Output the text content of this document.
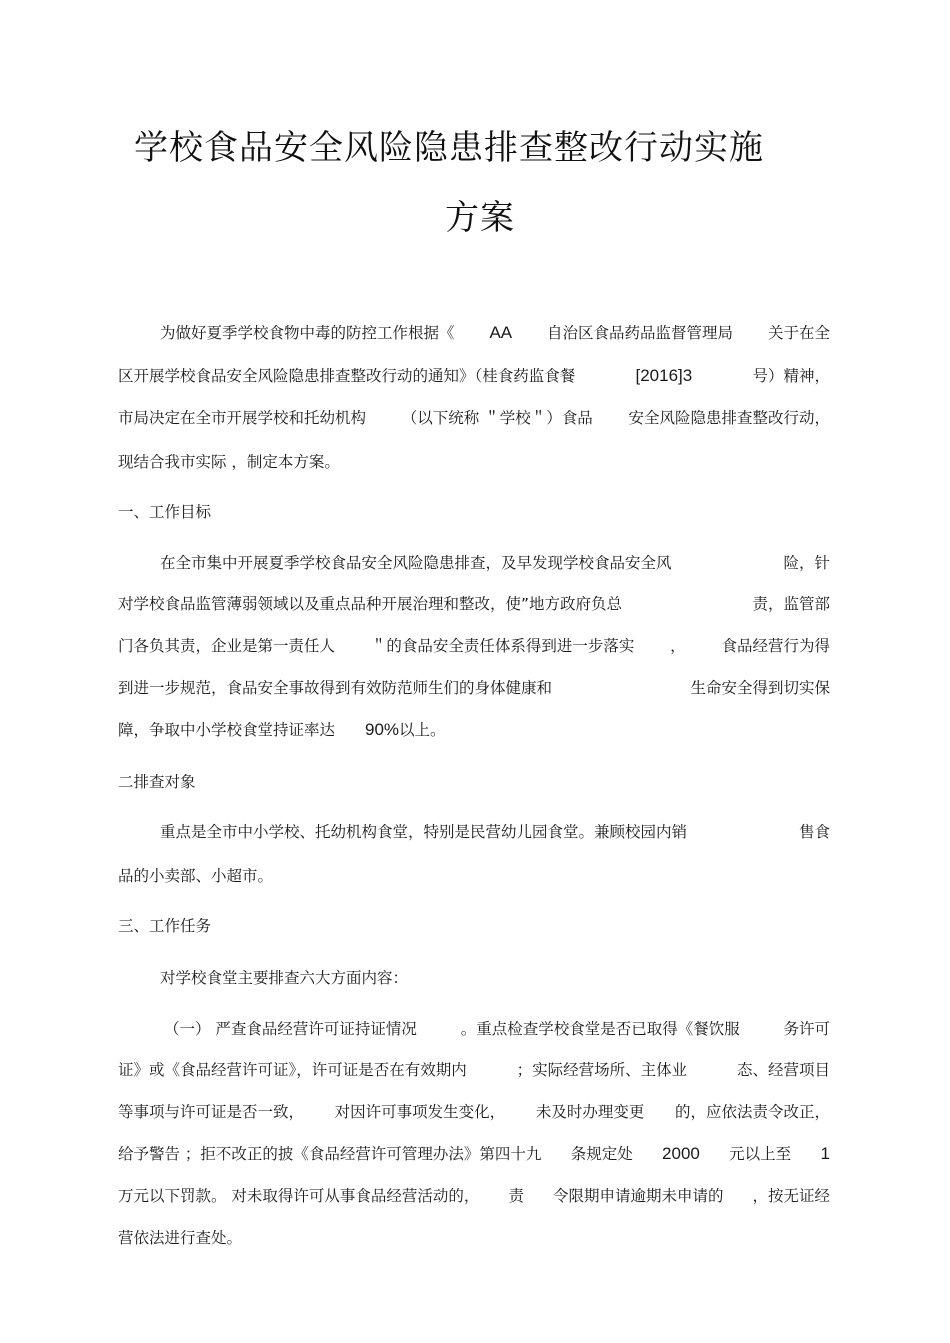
学校食品安全风险隐患排查整改行动实施
方案
为做好夏季学校食物中毒的防控工作根据《 AA 自治区食品药品监督管理局 关于在全
区开展学校食品安全风险隐患排查整改行动的通知》（桂食药监食餐	[2016]3	号）精神，
市局决定在全市开展学校和托幼机构 （以下统称 ＂学校＂）食品 安全风险隐患排查整改行动，
现结合我市实际 ，制定本方案。
一、工作目标
在全市集中开展夏季学校食品安全风险隐患排查，及早发现学校食品安全风	险，针
对学校食品监管薄弱领域以及重点品种开展治理和整改，使”地方政府负总	责，监管部
门各负其责，企业是第一责任人 ＂的食品安全责任体系得到进一步落实 ， 食品经营行为得
到进一步规范，食品安全事故得到有效防范师生们的身体健康和	生命安全得到切实保
障，争取中小学校食堂持证率达 90% 以上。
二排查对象
重点是全市中小学校、托幼机构食堂，特别是民营幼儿园食堂。兼顾校园内销	售食
品的小卖部、小超市。
三、工作任务
对学校食堂主要排查六大方面内容：
（一） 严查食品经营许可证持证情况	。重点检查学校食堂是否已取得《餐饮服	务许可
证》或《食品经营许可证》，许可证是否在有效期内	；实际经营场所、主体业	态、经营项目
等事项与许可证是否一致， 对因许可事项发生变化， 未及时办理变更 的，应依法责令改正，
给予警告 ；拒不改正的披《食品经营许可管理办法》第四十九 条规定处 2000 元以上至 1
万元以下罚款。 对未取得许可从事食品经营活动的， 责 令限期申请逾期未申请的 ，按无证经
营依法进行查处。
